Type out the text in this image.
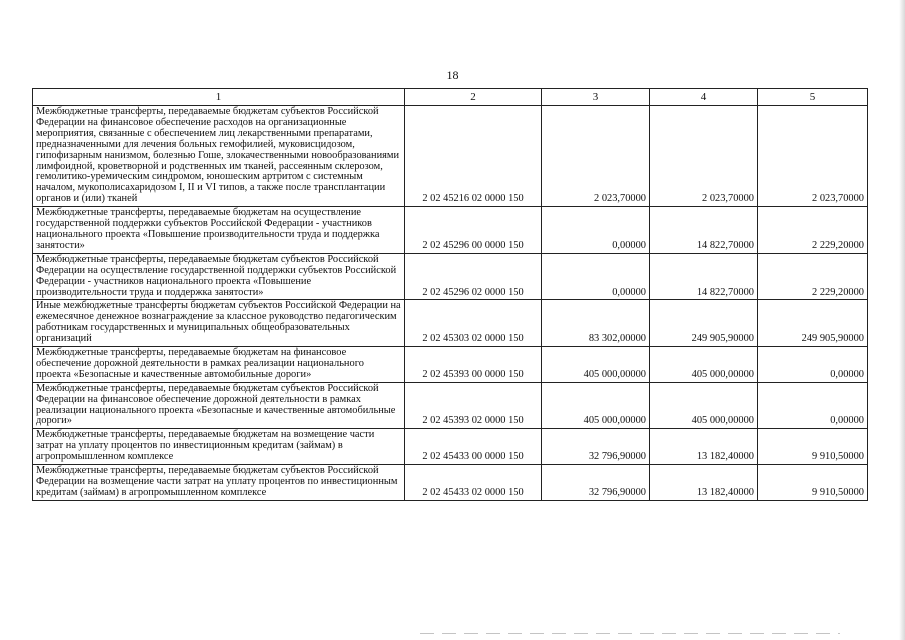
18
1	2	3	4	5
Межбюджетные трансферты, передаваемые бюджетам субъектов Российской Федерации на финансовое обеспечение расходов на организационные мероприятия, связанные с обеспечением лиц лекарственными препаратами, предназначенными для лечения больных гемофилией, муковисцидозом, гипофизарным нанизмом, болезнью Гоше, злокачественными новообразованиями лимфоидной, кроветворной и родственных им тканей, рассеянным склерозом, гемолитико-уремическим синдромом, юношеским артритом с системным началом, мукополисахаридозом I, II и VI типов, а также после трансплантации органов и (или) тканей	2 02 45216 02 0000 150	2 023,70000	2 023,70000	2 023,70000
Межбюджетные трансферты, передаваемые бюджетам на осуществление государственной поддержки субъектов Российской Федерации - участников национального проекта «Повышение производительности труда и поддержка занятости»	2 02 45296 00 0000 150	0,00000	14 822,70000	2 229,20000
Межбюджетные трансферты, передаваемые бюджетам субъектов Российской Федерации на осуществление государственной поддержки субъектов Российской Федерации - участников национального проекта «Повышение производительности труда и поддержка занятости»	2 02 45296 02 0000 150	0,00000	14 822,70000	2 229,20000
Иные межбюджетные трансферты бюджетам субъектов Российской Федерации на ежемесячное денежное вознаграждение за классное руководство педагогическим работникам государственных и муниципальных общеобразовательных организаций	2 02 45303 02 0000 150	83 302,00000	249 905,90000	249 905,90000
Межбюджетные трансферты, передаваемые бюджетам на финансовое обеспечение дорожной деятельности в рамках реализации национального проекта «Безопасные и качественные автомобильные дороги»	2 02 45393 00 0000 150	405 000,00000	405 000,00000	0,00000
Межбюджетные трансферты, передаваемые бюджетам субъектов Российской Федерации на финансовое обеспечение дорожной деятельности в рамках реализации национального проекта «Безопасные и качественные автомобильные дороги»	2 02 45393 02 0000 150	405 000,00000	405 000,00000	0,00000
Межбюджетные трансферты, передаваемые бюджетам на возмещение части затрат на уплату процентов по инвестиционным кредитам (займам) в агропромышленном комплексе	2 02 45433 00 0000 150	32 796,90000	13 182,40000	9 910,50000
Межбюджетные трансферты, передаваемые бюджетам субъектов Российской Федерации на возмещение части затрат на уплату процентов по инвестиционным кредитам (займам) в агропромышленном комплексе	2 02 45433 02 0000 150	32 796,90000	13 182,40000	9 910,50000
